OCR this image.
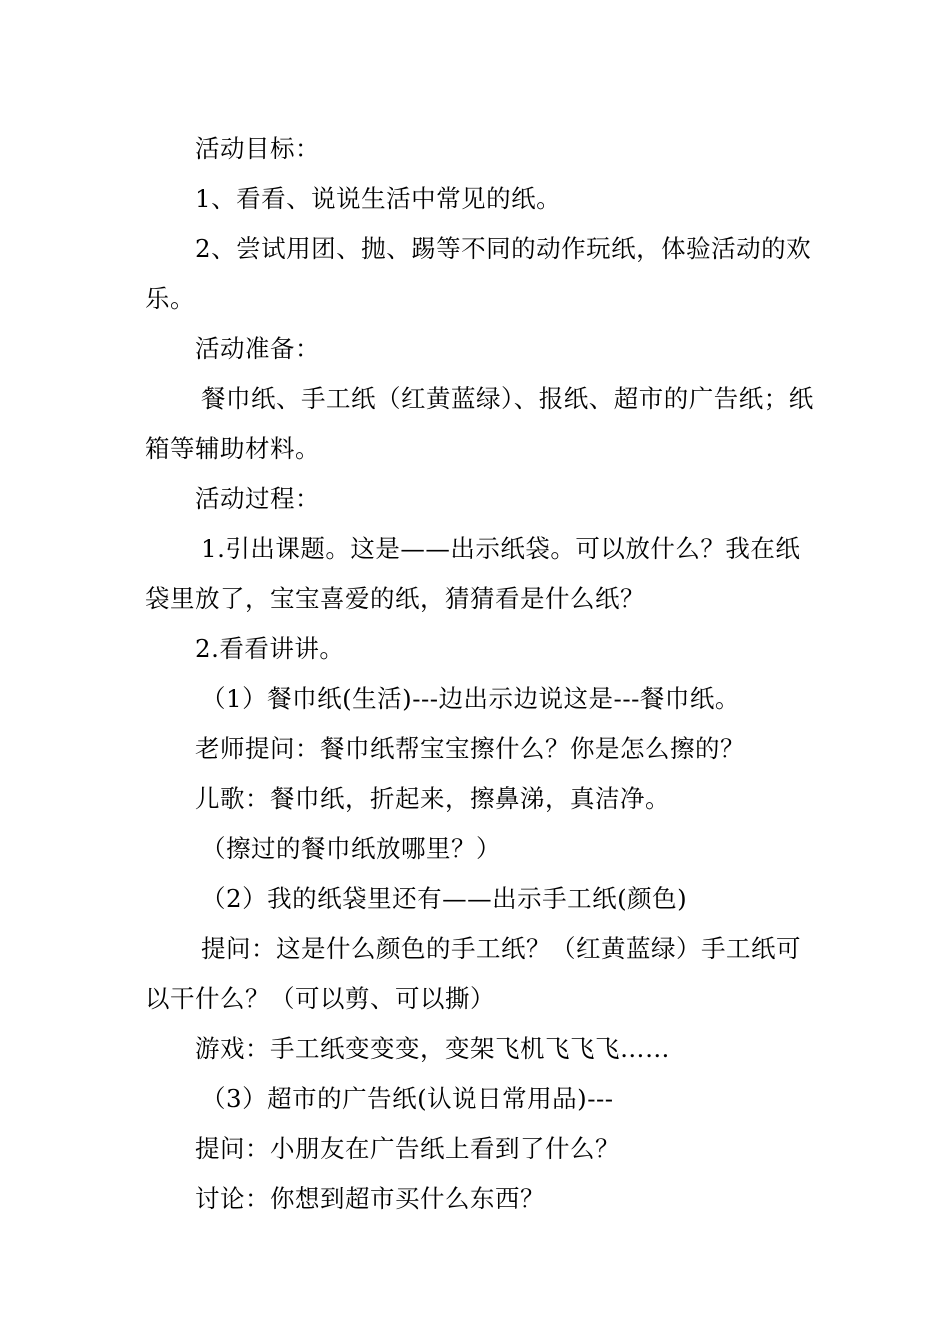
活动目标：

1、看看、说说生活中常见的纸。

2、尝试用团、抛、踢等不同的动作玩纸，体验活动的欢乐。

活动准备：

餐巾纸、手工纸（红黄蓝绿）、报纸、超市的广告纸；纸箱等辅助材料。

活动过程：

1.引出课题。这是——出示纸袋。可以放什么？我在纸袋里放了，宝宝喜爱的纸，猜猜看是什么纸？

2.看看讲讲。

（1）餐巾纸(生活)---边出示边说这是---餐巾纸。

老师提问：餐巾纸帮宝宝擦什么？你是怎么擦的？

儿歌：餐巾纸，折起来，擦鼻涕，真洁净。

（擦过的餐巾纸放哪里？）

（2）我的纸袋里还有——出示手工纸(颜色)

提问：这是什么颜色的手工纸？（红黄蓝绿）手工纸可以干什么？（可以剪、可以撕）

游戏：手工纸变变变，变架飞机飞飞飞……

（3）超市的广告纸(认说日常用品)---

提问：小朋友在广告纸上看到了什么？

讨论：你想到超市买什么东西？
